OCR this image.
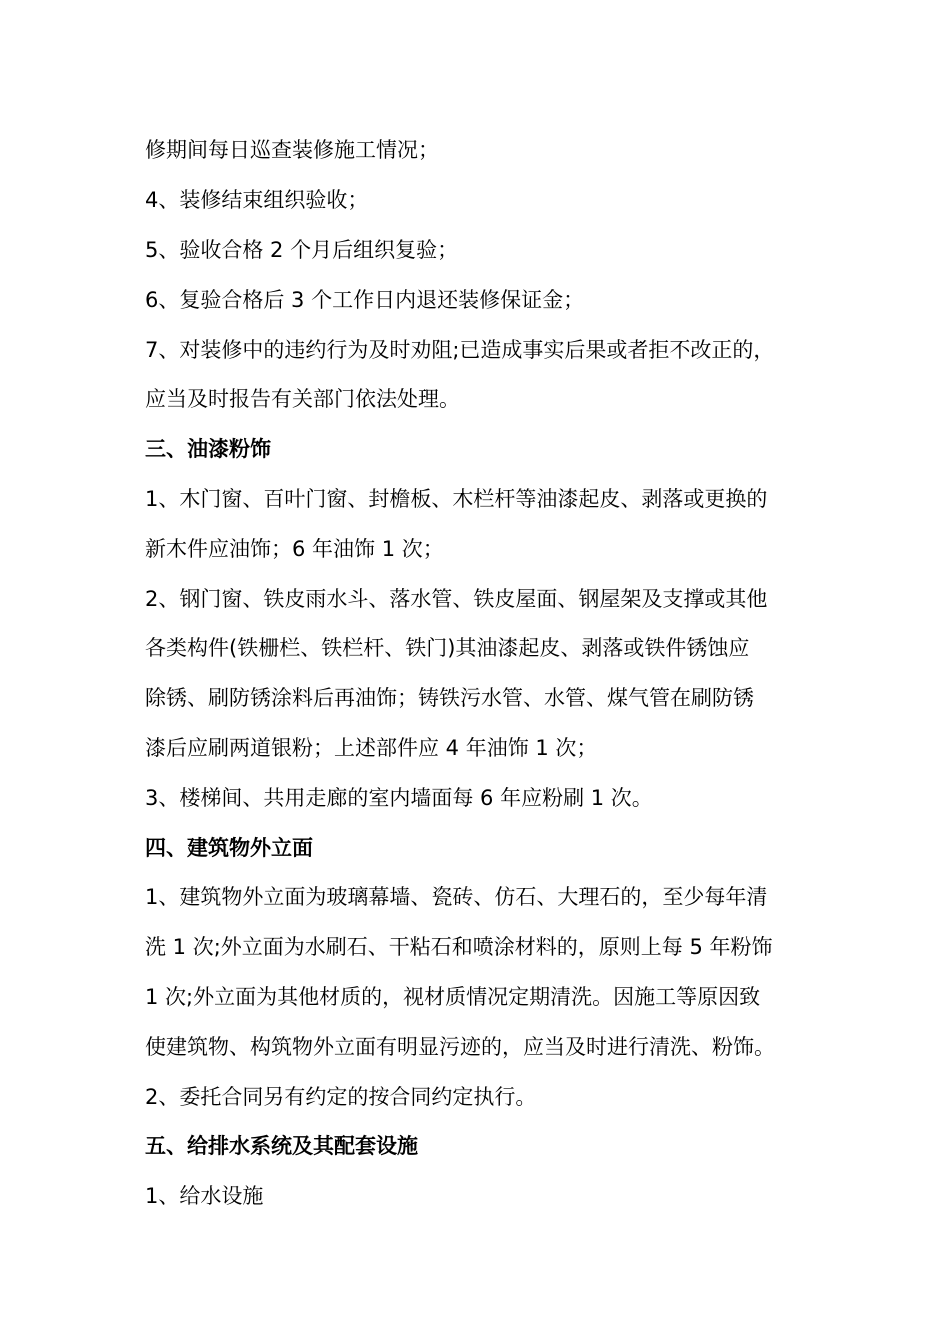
修期间每日巡查装修施工情况；
4、装修结束组织验收；
5、验收合格 2 个月后组织复验；
6、复验合格后 3 个工作日内退还装修保证金；
7、对装修中的违约行为及时劝阻;已造成事实后果或者拒不改正的，
应当及时报告有关部门依法处理。
三、油漆粉饰
1、木门窗、百叶门窗、封檐板、木栏杆等油漆起皮、剥落或更换的
新木件应油饰；6 年油饰 1 次；
2、钢门窗、铁皮雨水斗、落水管、铁皮屋面、钢屋架及支撑或其他
各类构件(铁栅栏、铁栏杆、铁门)其油漆起皮、剥落或铁件锈蚀应
除锈、刷防锈涂料后再油饰；铸铁污水管、水管、煤气管在刷防锈
漆后应刷两道银粉；上述部件应 4 年油饰 1 次；
3、楼梯间、共用走廊的室内墙面每 6 年应粉刷 1 次。
四、建筑物外立面
1、建筑物外立面为玻璃幕墙、瓷砖、仿石、大理石的，至少每年清
洗 1 次;外立面为水刷石、干粘石和喷涂材料的，原则上每 5 年粉饰
1 次;外立面为其他材质的，视材质情况定期清洗。因施工等原因致
使建筑物、构筑物外立面有明显污迹的，应当及时进行清洗、粉饰。
2、委托合同另有约定的按合同约定执行。
五、给排水系统及其配套设施
1、给水设施
